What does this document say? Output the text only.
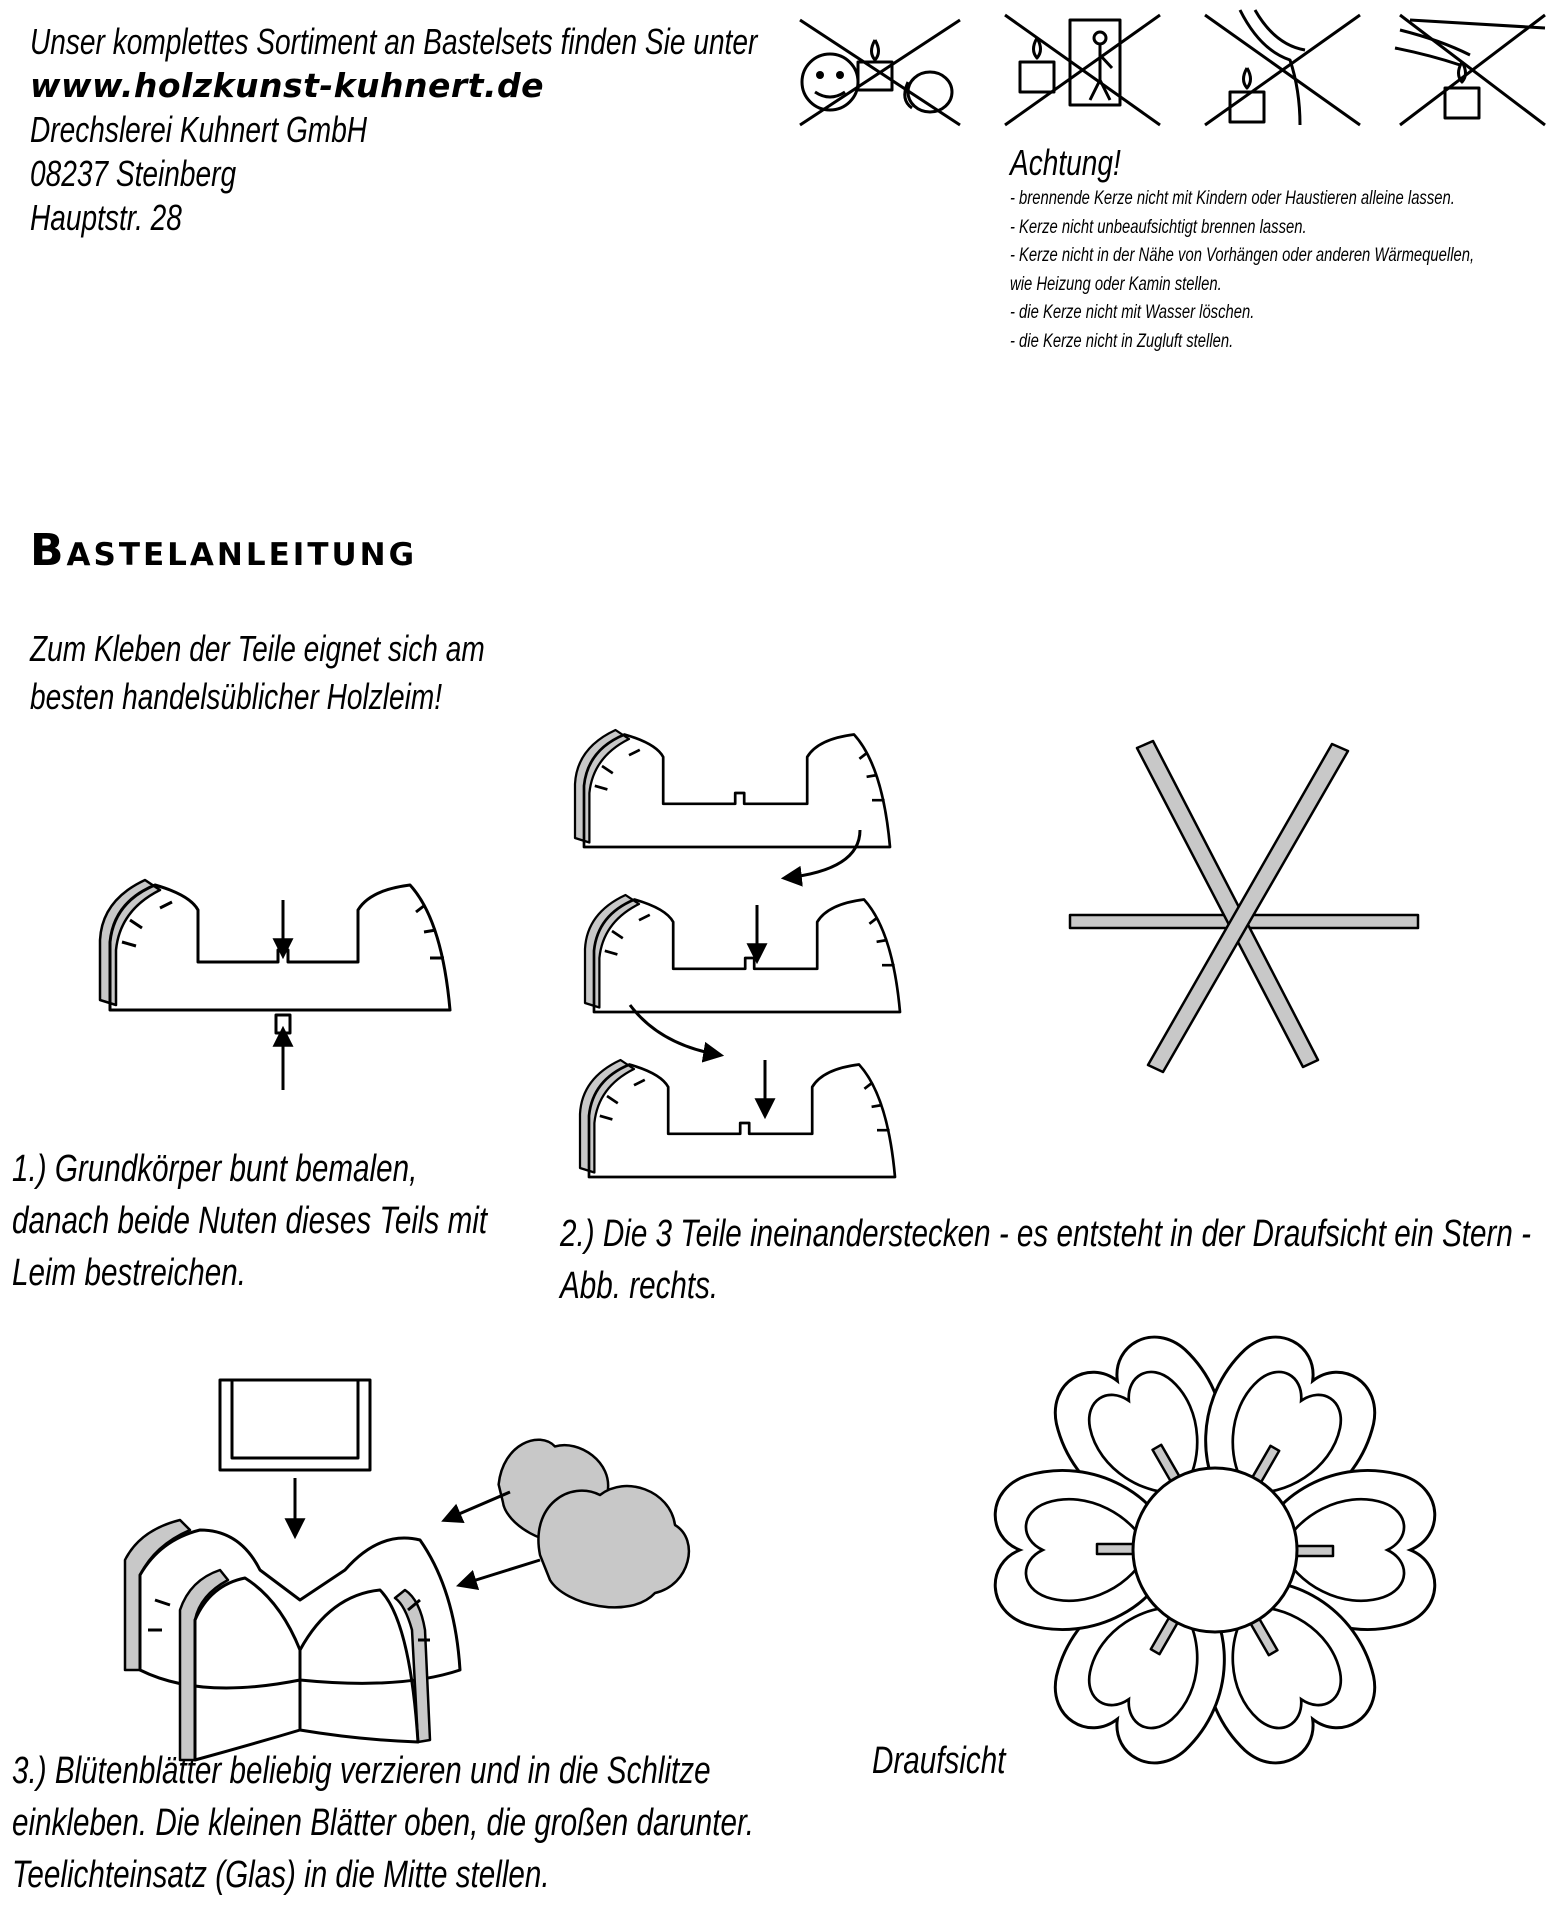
Unser komplettes Sortiment an Bastelsets finden Sie unter
www.holzkunst-kuhnert.de
Drechslerei Kuhnert GmbH
08237 Steinberg
Hauptstr. 28
Achtung!
- brennende Kerze nicht mit Kindern oder Haustieren alleine lassen.
- Kerze nicht unbeaufsichtigt brennen lassen.
- Kerze nicht in der Nähe von Vorhängen oder anderen Wärmequellen,
wie Heizung oder Kamin stellen.
- die Kerze nicht mit Wasser löschen.
- die Kerze nicht in Zugluft stellen.
Bastelanleitung
Zum Kleben der Teile eignet sich am
besten handelsüblicher Holzleim!
1.) Grundkörper bunt bemalen,
danach beide Nuten dieses Teils mit
Leim bestreichen.
2.) Die 3 Teile ineinanderstecken - es entsteht in der Draufsicht ein Stern -
Abb. rechts.
3.) Blütenblätter beliebig verzieren und in die Schlitze
einkleben. Die kleinen Blätter oben, die großen darunter.
Teelichteinsatz (Glas) in die Mitte stellen.
Draufsicht
